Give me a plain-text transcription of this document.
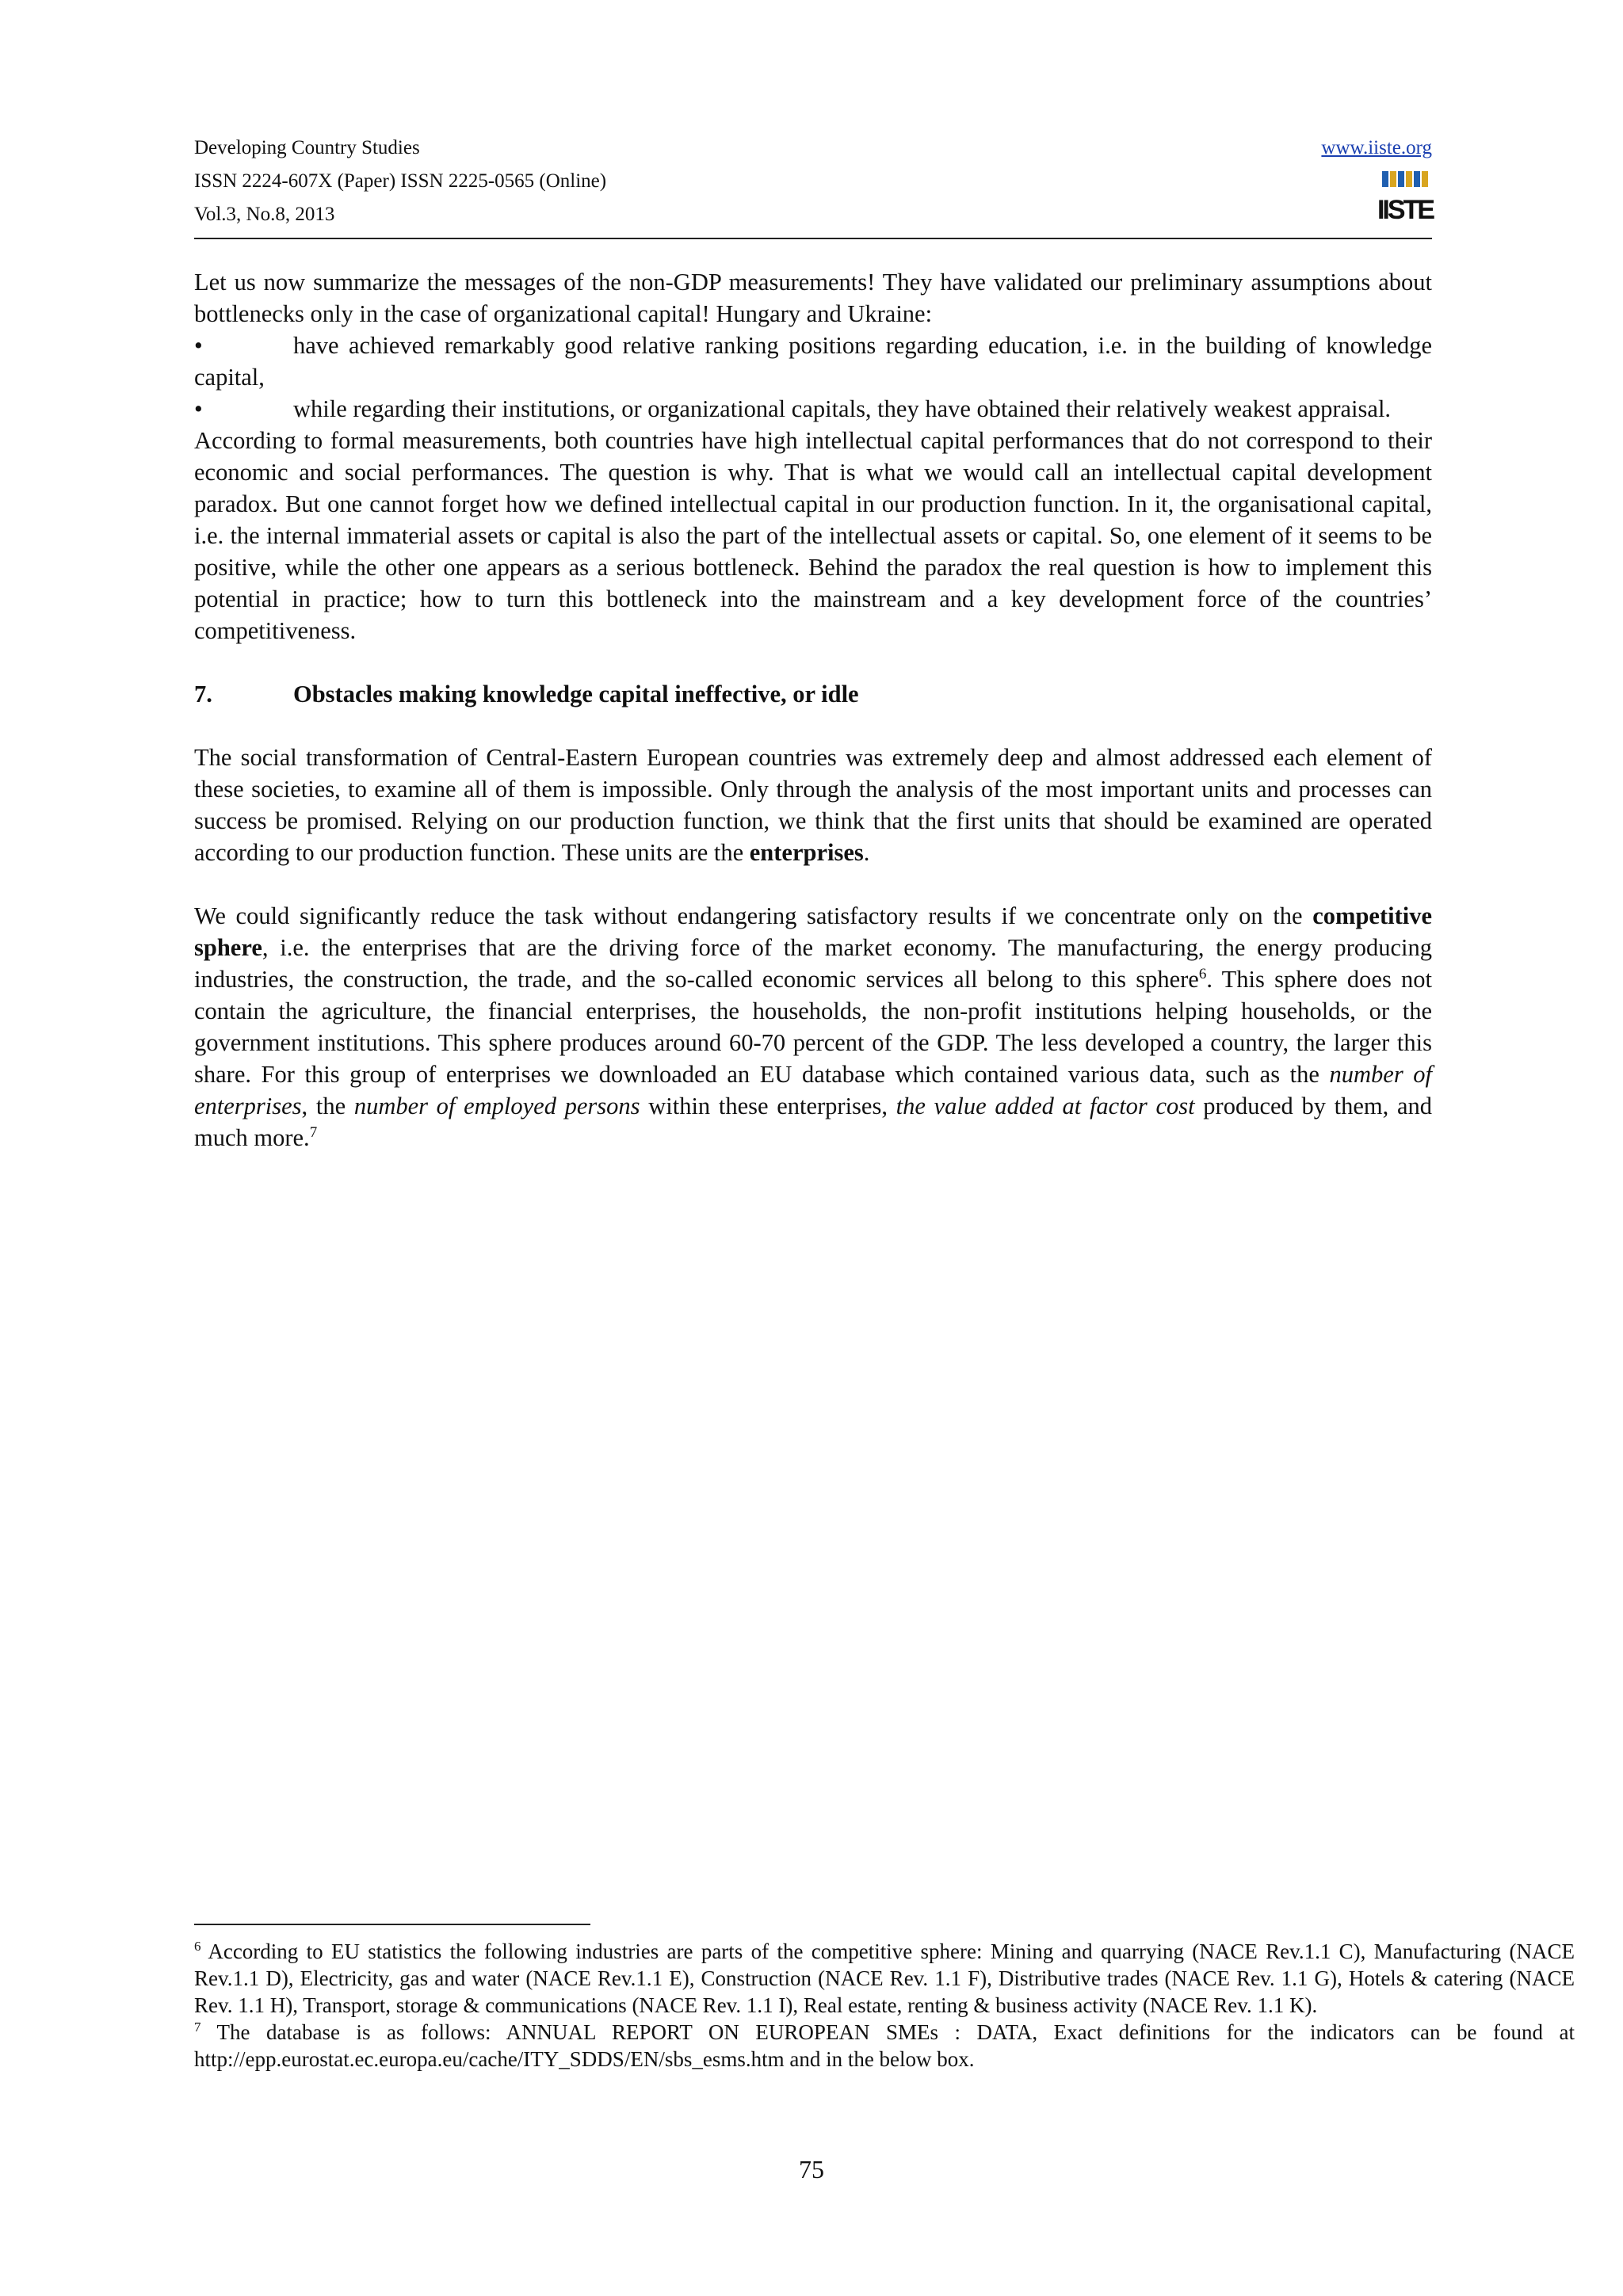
Developing Country Studies
ISSN 2224-607X (Paper) ISSN 2225-0565 (Online)
Vol.3, No.8, 2013
www.iiste.org
IISTE

Let us now summarize the messages of the non-GDP measurements! They have validated our preliminary assumptions about bottlenecks only in the case of organizational capital! Hungary and Ukraine:

•	have achieved remarkably good relative ranking positions regarding education, i.e. in the building of knowledge capital,

•	while regarding their institutions, or organizational capitals, they have obtained their relatively weakest appraisal.

According to formal measurements, both countries have high intellectual capital performances that do not correspond to their economic and social performances. The question is why. That is what we would call an intellectual capital development paradox. But one cannot forget how we defined intellectual capital in our production function. In it, the organisational capital, i.e. the internal immaterial assets or capital is also the part of the intellectual assets or capital. So, one element of it seems to be positive, while the other one appears as a serious bottleneck. Behind the paradox the real question is how to implement this potential in practice; how to turn this bottleneck into the mainstream and a key development force of the countries’ competitiveness.

7.	Obstacles making knowledge capital ineffective, or idle

The social transformation of Central-Eastern European countries was extremely deep and almost addressed each element of these societies, to examine all of them is impossible. Only through the analysis of the most important units and processes can success be promised. Relying on our production function, we think that the first units that should be examined are operated according to our production function. These units are the enterprises.

We could significantly reduce the task without endangering satisfactory results if we concentrate only on the competitive sphere, i.e. the enterprises that are the driving force of the market economy. The manufacturing, the energy producing industries, the construction, the trade, and the so-called economic services all belong to this sphere$^6$. This sphere does not contain the agriculture, the financial enterprises, the households, the non-profit institutions helping households, or the government institutions. This sphere produces around 60-70 percent of the GDP. The less developed a country, the larger this share. For this group of enterprises we downloaded an EU database which contained various data, such as the number of enterprises, the number of employed persons within these enterprises, the value added at factor cost produced by them, and much more.$^7$

$^6$ According to EU statistics the following industries are parts of the competitive sphere: Mining and quarrying (NACE Rev.1.1 C), Manufacturing (NACE Rev.1.1 D), Electricity, gas and water (NACE Rev.1.1 E), Construction (NACE Rev. 1.1 F), Distributive trades (NACE Rev. 1.1 G), Hotels & catering (NACE Rev. 1.1 H), Transport, storage & communications (NACE Rev. 1.1 I), Real estate, renting & business activity (NACE Rev. 1.1 K).

$^7$ The database is as follows: ANNUAL REPORT ON EUROPEAN SMEs : DATA, Exact definitions for the indicators can be found at http://epp.eurostat.ec.europa.eu/cache/ITY_SDDS/EN/sbs_esms.htm and in the below box.

75
